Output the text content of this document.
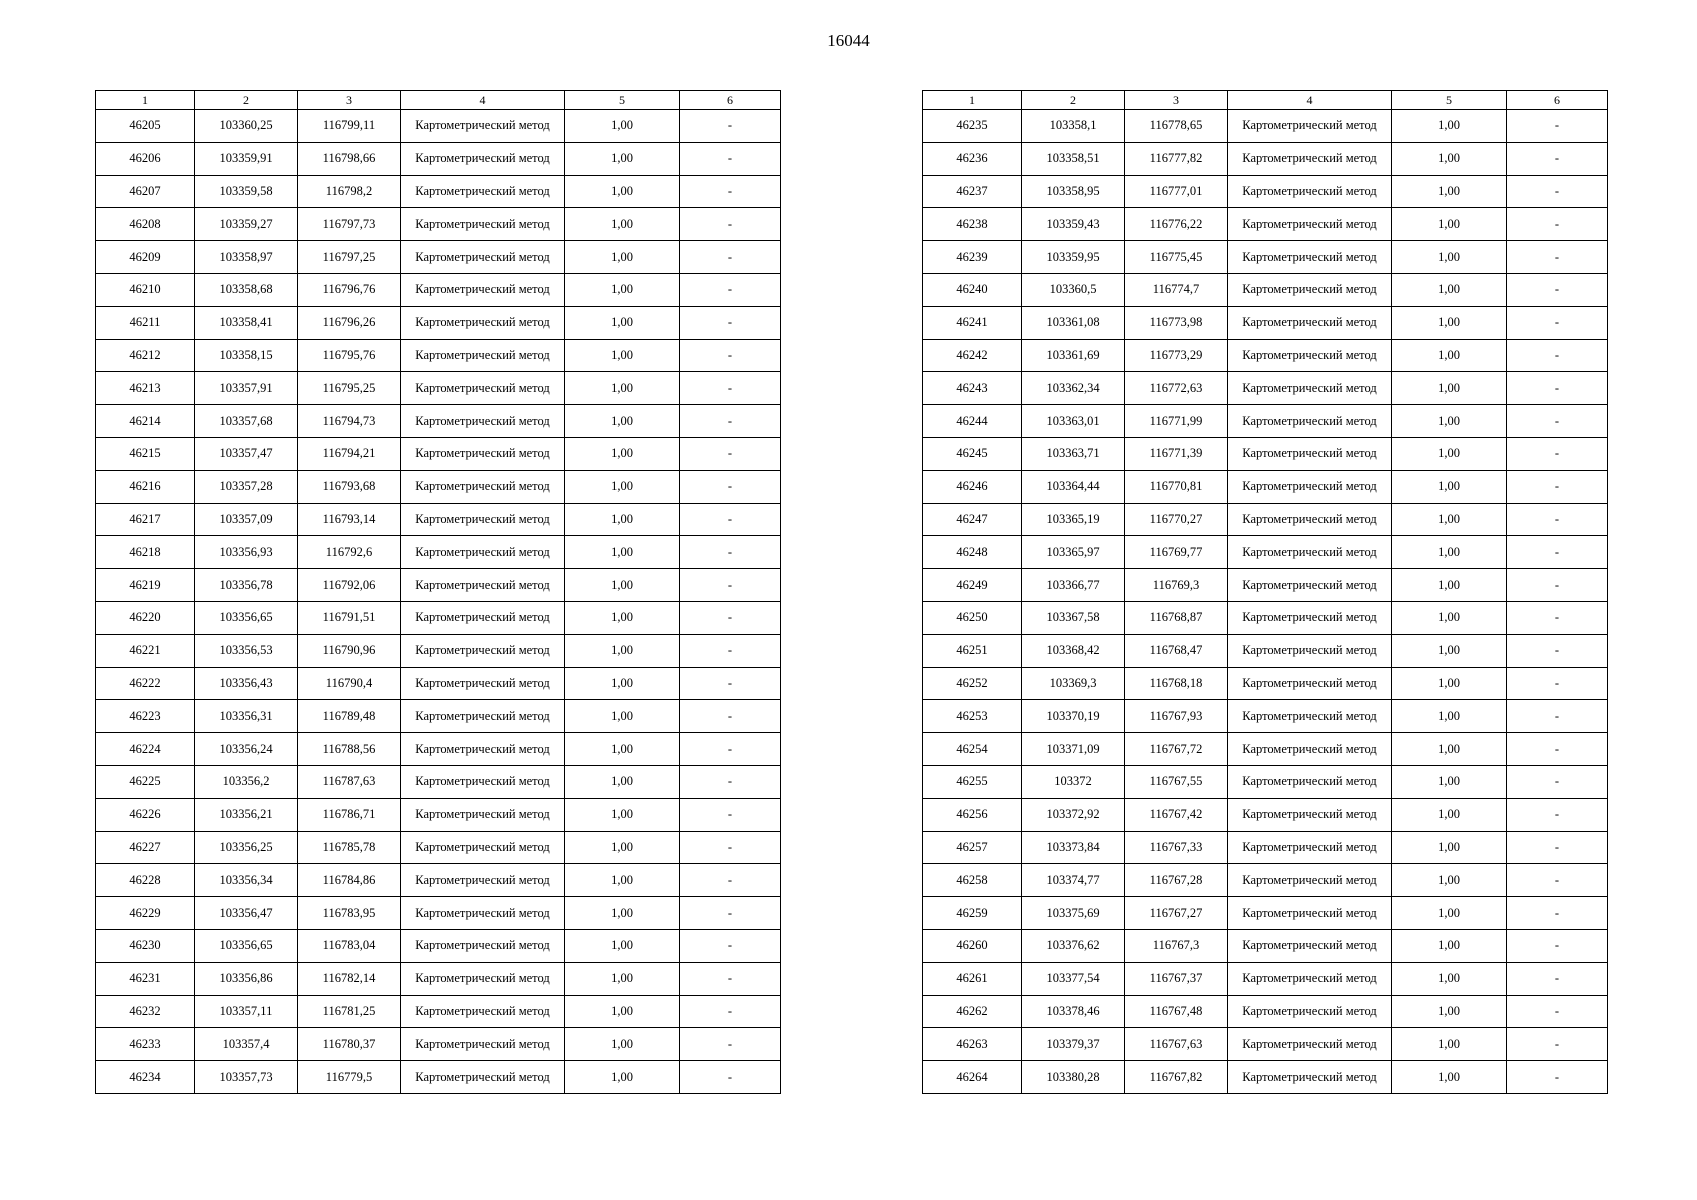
16044
1	2	3	4	5	6
46205	103360,25	116799,11	Картометрический метод	1,00	-
46206	103359,91	116798,66	Картометрический метод	1,00	-
46207	103359,58	116798,2	Картометрический метод	1,00	-
46208	103359,27	116797,73	Картометрический метод	1,00	-
46209	103358,97	116797,25	Картометрический метод	1,00	-
46210	103358,68	116796,76	Картометрический метод	1,00	-
46211	103358,41	116796,26	Картометрический метод	1,00	-
46212	103358,15	116795,76	Картометрический метод	1,00	-
46213	103357,91	116795,25	Картометрический метод	1,00	-
46214	103357,68	116794,73	Картометрический метод	1,00	-
46215	103357,47	116794,21	Картометрический метод	1,00	-
46216	103357,28	116793,68	Картометрический метод	1,00	-
46217	103357,09	116793,14	Картометрический метод	1,00	-
46218	103356,93	116792,6	Картометрический метод	1,00	-
46219	103356,78	116792,06	Картометрический метод	1,00	-
46220	103356,65	116791,51	Картометрический метод	1,00	-
46221	103356,53	116790,96	Картометрический метод	1,00	-
46222	103356,43	116790,4	Картометрический метод	1,00	-
46223	103356,31	116789,48	Картометрический метод	1,00	-
46224	103356,24	116788,56	Картометрический метод	1,00	-
46225	103356,2	116787,63	Картометрический метод	1,00	-
46226	103356,21	116786,71	Картометрический метод	1,00	-
46227	103356,25	116785,78	Картометрический метод	1,00	-
46228	103356,34	116784,86	Картометрический метод	1,00	-
46229	103356,47	116783,95	Картометрический метод	1,00	-
46230	103356,65	116783,04	Картометрический метод	1,00	-
46231	103356,86	116782,14	Картометрический метод	1,00	-
46232	103357,11	116781,25	Картометрический метод	1,00	-
46233	103357,4	116780,37	Картометрический метод	1,00	-
46234	103357,73	116779,5	Картометрический метод	1,00	-
1	2	3	4	5	6
46235	103358,1	116778,65	Картометрический метод	1,00	-
46236	103358,51	116777,82	Картометрический метод	1,00	-
46237	103358,95	116777,01	Картометрический метод	1,00	-
46238	103359,43	116776,22	Картометрический метод	1,00	-
46239	103359,95	116775,45	Картометрический метод	1,00	-
46240	103360,5	116774,7	Картометрический метод	1,00	-
46241	103361,08	116773,98	Картометрический метод	1,00	-
46242	103361,69	116773,29	Картометрический метод	1,00	-
46243	103362,34	116772,63	Картометрический метод	1,00	-
46244	103363,01	116771,99	Картометрический метод	1,00	-
46245	103363,71	116771,39	Картометрический метод	1,00	-
46246	103364,44	116770,81	Картометрический метод	1,00	-
46247	103365,19	116770,27	Картометрический метод	1,00	-
46248	103365,97	116769,77	Картометрический метод	1,00	-
46249	103366,77	116769,3	Картометрический метод	1,00	-
46250	103367,58	116768,87	Картометрический метод	1,00	-
46251	103368,42	116768,47	Картометрический метод	1,00	-
46252	103369,3	116768,18	Картометрический метод	1,00	-
46253	103370,19	116767,93	Картометрический метод	1,00	-
46254	103371,09	116767,72	Картометрический метод	1,00	-
46255	103372	116767,55	Картометрический метод	1,00	-
46256	103372,92	116767,42	Картометрический метод	1,00	-
46257	103373,84	116767,33	Картометрический метод	1,00	-
46258	103374,77	116767,28	Картометрический метод	1,00	-
46259	103375,69	116767,27	Картометрический метод	1,00	-
46260	103376,62	116767,3	Картометрический метод	1,00	-
46261	103377,54	116767,37	Картометрический метод	1,00	-
46262	103378,46	116767,48	Картометрический метод	1,00	-
46263	103379,37	116767,63	Картометрический метод	1,00	-
46264	103380,28	116767,82	Картометрический метод	1,00	-
